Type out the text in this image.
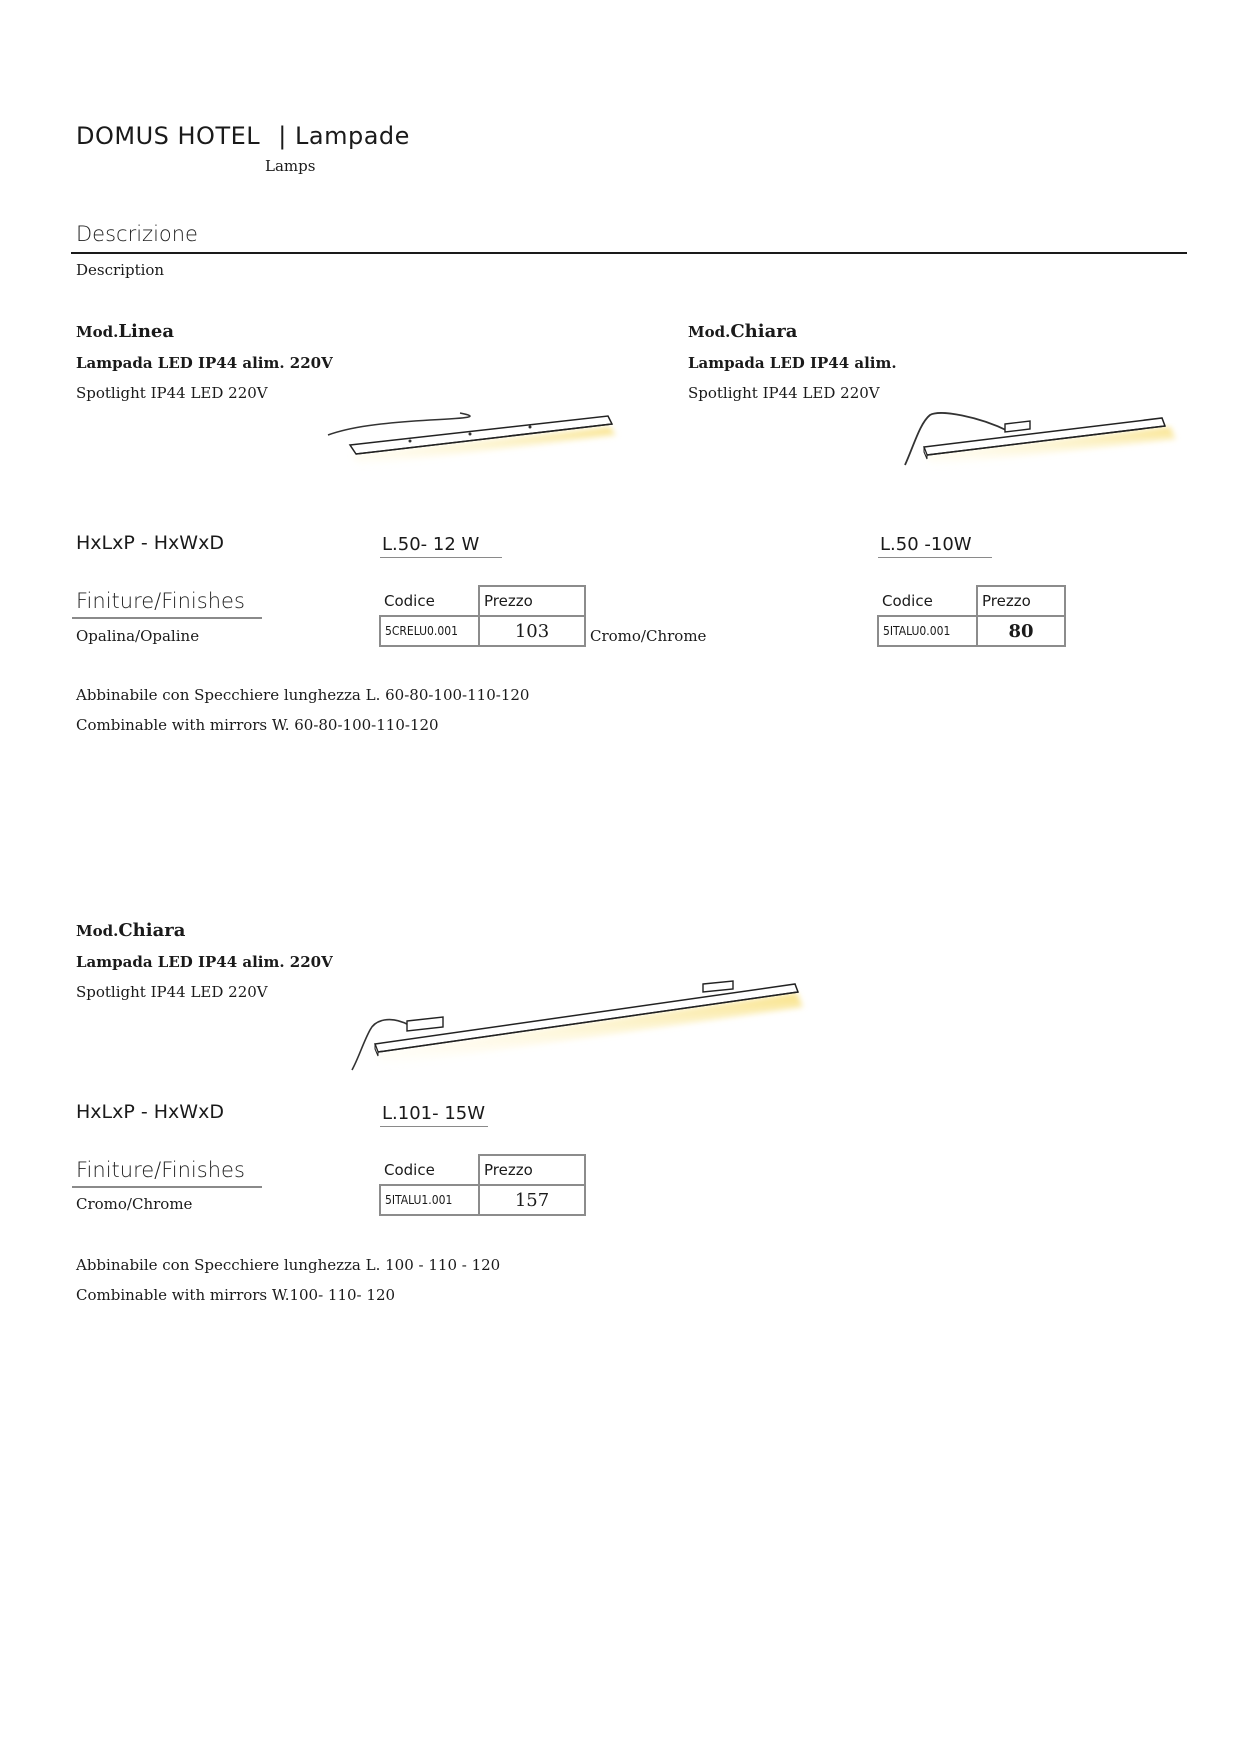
DOMUS HOTEL | Lampade
Lamps
Descrizione
Description
Mod.Linea
Lampada LED IP44 alim. 220V
Spotlight IP44 LED 220V
HxLxP - HxWxD	L.50- 12 W
Finiture/Finishes
Opalina/Opaline
Codice	Prezzo
5CRELU0.001	103	Cromo/Chrome
Abbinabile con Specchiere lunghezza L. 60-80-100-110-120
Combinable with mirrors W. 60-80-100-110-120
Mod.Chiara
Lampada LED IP44 alim.
Spotlight IP44 LED 220V
L.50 -10W
Codice	Prezzo
5ITALU0.001	80
Mod.Chiara
Lampada LED IP44 alim. 220V
Spotlight IP44 LED 220V
HxLxP - HxWxD	L.101- 15W
Finiture/Finishes
Cromo/Chrome
Codice	Prezzo
5ITALU1.001	157
Abbinabile con Specchiere lunghezza L. 100 - 110 - 120
Combinable with mirrors W.100- 110- 120
